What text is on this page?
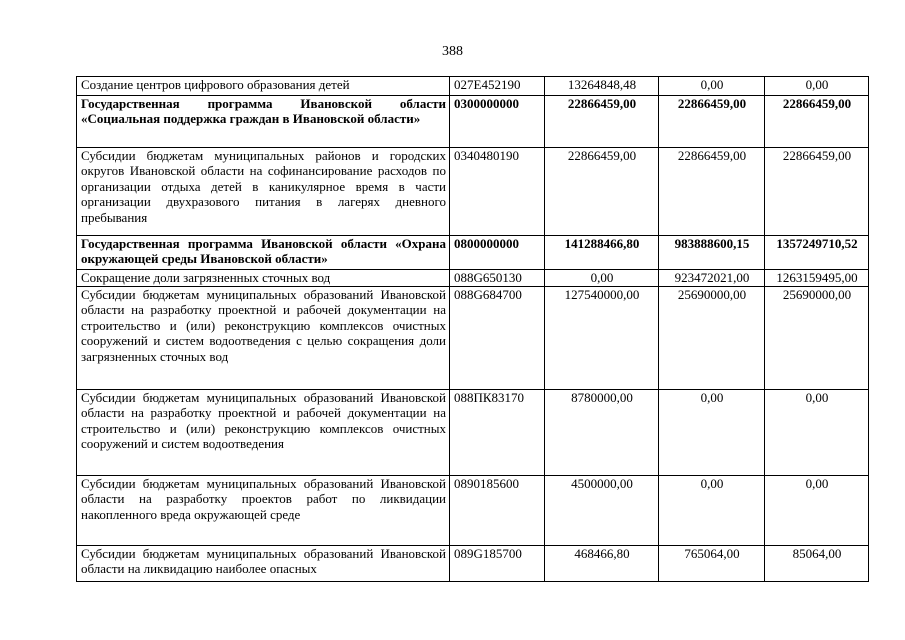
388
Создание центров цифрового образования детей	027Е452190	13264848,48	0,00	0,00
Государственная программа Ивановской области «Социальная поддержка граждан в Ивановской области»	0300000000	22866459,00	22866459,00	22866459,00
Субсидии бюджетам муниципальных районов и городских округов Ивановской области на софинансирование расходов по организации отдыха детей в каникулярное время в части организации двухразового питания в лагерях дневного пребывания	0340480190	22866459,00	22866459,00	22866459,00
Государственная программа Ивановской области «Охрана окружающей среды Ивановской области»	0800000000	141288466,80	983888600,15	1357249710,52
Сокращение доли загрязненных сточных вод	088G650130	0,00	923472021,00	1263159495,00
Субсидии бюджетам муниципальных образований Ивановской области на разработку проектной и рабочей документации на строительство и (или) реконструкцию комплексов очистных сооружений и систем водоотведения с целью сокращения доли загрязненных сточных вод	088G684700	127540000,00	25690000,00	25690000,00
Субсидии бюджетам муниципальных образований Ивановской области на разработку проектной и рабочей документации на строительство и (или) реконструкцию комплексов очистных сооружений и систем водоотведения	088ПК83170	8780000,00	0,00	0,00
Субсидии бюджетам муниципальных образований Ивановской области на разработку проектов работ по ликвидации накопленного вреда окружающей среде	0890185600	4500000,00	0,00	0,00
Субсидии бюджетам муниципальных образований Ивановской области на ликвидацию наиболее опасных	089G185700	468466,80	765064,00	85064,00
